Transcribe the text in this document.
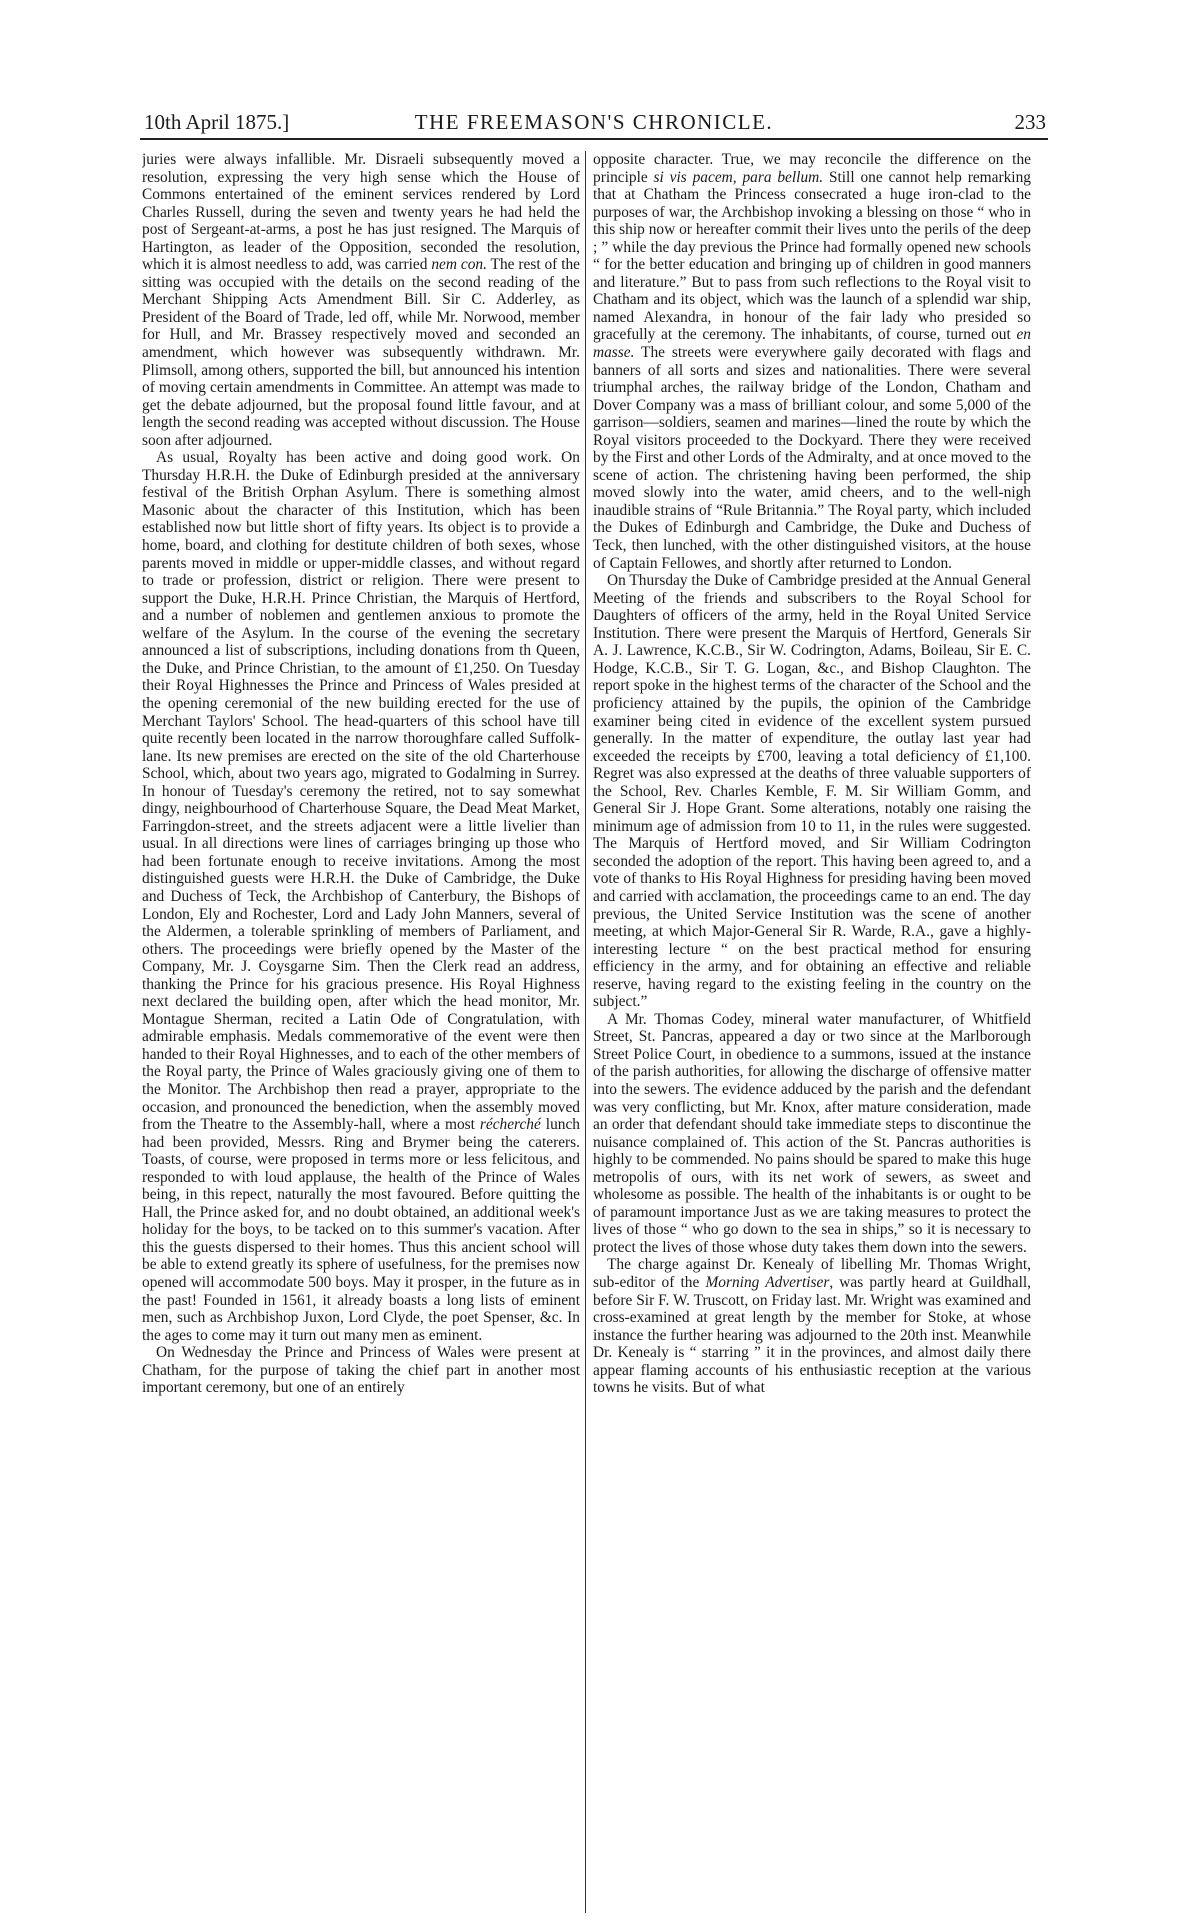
10th April 1875.]	THE FREEMASON'S CHRONICLE.	233

juries were always infallible. Mr. Disraeli subsequently moved a resolution, expressing the very high sense which the House of Commons entertained of the eminent services rendered by Lord Charles Russell, during the seven and twenty years he had held the post of Sergeant-at-arms, a post he has just resigned. The Marquis of Hartington, as leader of the Opposition, seconded the resolution, which it is almost needless to add, was carried nem con. The rest of the sitting was occupied with the details on the second reading of the Merchant Shipping Acts Amendment Bill. Sir C. Adderley, as President of the Board of Trade, led off, while Mr. Norwood, member for Hull, and Mr. Brassey respectively moved and seconded an amendment, which however was subsequently withdrawn. Mr. Plimsoll, among others, supported the bill, but announced his intention of moving certain amendments in Committee. An attempt was made to get the debate adjourned, but the proposal found little favour, and at length the second reading was accepted without discussion. The House soon after adjourned.

As usual, Royalty has been active and doing good work. On Thursday H.R.H. the Duke of Edinburgh presided at the anniversary festival of the British Orphan Asylum. There is something almost Masonic about the character of this Institution, which has been established now but little short of fifty years. Its object is to provide a home, board, and clothing for destitute children of both sexes, whose parents moved in middle or upper-middle classes, and without regard to trade or profession, district or religion. There were present to support the Duke, H.R.H. Prince Christian, the Marquis of Hertford, and a number of noblemen and gentlemen anxious to promote the welfare of the Asylum. In the course of the evening the secretary announced a list of subscriptions, including donations from th Queen, the Duke, and Prince Christian, to the amount of £1,250. On Tuesday their Royal Highnesses the Prince and Princess of Wales presided at the opening ceremonial of the new building erected for the use of Merchant Taylors' School. The head-quarters of this school have till quite recently been located in the narrow thoroughfare called Suffolk-lane. Its new premises are erected on the site of the old Charterhouse School, which, about two years ago, migrated to Godalming in Surrey. In honour of Tuesday's ceremony the retired, not to say somewhat dingy, neighbourhood of Charterhouse Square, the Dead Meat Market, Farringdon-street, and the streets adjacent were a little livelier than usual. In all directions were lines of carriages bringing up those who had been fortunate enough to receive invitations. Among the most distinguished guests were H.R.H. the Duke of Cambridge, the Duke and Duchess of Teck, the Archbishop of Canterbury, the Bishops of London, Ely and Rochester, Lord and Lady John Manners, several of the Aldermen, a tolerable sprinkling of members of Parliament, and others. The proceedings were briefly opened by the Master of the Company, Mr. J. Coysgarne Sim. Then the Clerk read an address, thanking the Prince for his gracious presence. His Royal Highness next declared the building open, after which the head monitor, Mr. Montague Sherman, recited a Latin Ode of Congratulation, with admirable emphasis. Medals commemorative of the event were then handed to their Royal Highnesses, and to each of the other members of the Royal party, the Prince of Wales graciously giving one of them to the Monitor. The Archbishop then read a prayer, appropriate to the occasion, and pronounced the benediction, when the assembly moved from the Theatre to the Assembly-hall, where a most récherché lunch had been provided, Messrs. Ring and Brymer being the caterers. Toasts, of course, were proposed in terms more or less felicitous, and responded to with loud applause, the health of the Prince of Wales being, in this repect, naturally the most favoured. Before quitting the Hall, the Prince asked for, and no doubt obtained, an additional week's holiday for the boys, to be tacked on to this summer's vacation. After this the guests dispersed to their homes. Thus this ancient school will be able to extend greatly its sphere of usefulness, for the premises now opened will accommodate 500 boys. May it prosper, in the future as in the past! Founded in 1561, it already boasts a long lists of eminent men, such as Archbishop Juxon, Lord Clyde, the poet Spenser, &c. In the ages to come may it turn out many men as eminent.

On Wednesday the Prince and Princess of Wales were present at Chatham, for the purpose of taking the chief part in another most important ceremony, but one of an entirely

opposite character. True, we may reconcile the difference on the principle si vis pacem, para bellum. Still one cannot help remarking that at Chatham the Princess consecrated a huge iron-clad to the purposes of war, the Archbishop invoking a blessing on those “ who in this ship now or hereafter commit their lives unto the perils of the deep ; ” while the day previous the Prince had formally opened new schools “ for the better education and bringing up of children in good manners and literature.” But to pass from such reflections to the Royal visit to Chatham and its object, which was the launch of a splendid war ship, named Alexandra, in honour of the fair lady who presided so gracefully at the ceremony. The inhabitants, of course, turned out en masse. The streets were everywhere gaily decorated with flags and banners of all sorts and sizes and nationalities. There were several triumphal arches, the railway bridge of the London, Chatham and Dover Company was a mass of brilliant colour, and some 5,000 of the garrison—soldiers, seamen and marines—lined the route by which the Royal visitors proceeded to the Dockyard. There they were received by the First and other Lords of the Admiralty, and at once moved to the scene of action. The christening having been performed, the ship moved slowly into the water, amid cheers, and to the well-nigh inaudible strains of “Rule Britannia.” The Royal party, which included the Dukes of Edinburgh and Cambridge, the Duke and Duchess of Teck, then lunched, with the other distinguished visitors, at the house of Captain Fellowes, and shortly after returned to London.

On Thursday the Duke of Cambridge presided at the Annual General Meeting of the friends and subscribers to the Royal School for Daughters of officers of the army, held in the Royal United Service Institution. There were present the Marquis of Hertford, Generals Sir A. J. Lawrence, K.C.B., Sir W. Codrington, Adams, Boileau, Sir E. C. Hodge, K.C.B., Sir T. G. Logan, &c., and Bishop Claughton. The report spoke in the highest terms of the character of the School and the proficiency attained by the pupils, the opinion of the Cambridge examiner being cited in evidence of the excellent system pursued generally. In the matter of expenditure, the outlay last year had exceeded the receipts by £700, leaving a total deficiency of £1,100. Regret was also expressed at the deaths of three valuable supporters of the School, Rev. Charles Kemble, F. M. Sir William Gomm, and General Sir J. Hope Grant. Some alterations, notably one raising the minimum age of admission from 10 to 11, in the rules were suggested. The Marquis of Hertford moved, and Sir William Codrington seconded the adoption of the report. This having been agreed to, and a vote of thanks to His Royal Highness for presiding having been moved and carried with acclamation, the proceedings came to an end. The day previous, the United Service Institution was the scene of another meeting, at which Major-General Sir R. Warde, R.A., gave a highly-interesting lecture “ on the best practical method for ensuring efficiency in the army, and for obtaining an effective and reliable reserve, having regard to the existing feeling in the country on the subject.”

A Mr. Thomas Codey, mineral water manufacturer, of Whitfield Street, St. Pancras, appeared a day or two since at the Marlborough Street Police Court, in obedience to a summons, issued at the instance of the parish authorities, for allowing the discharge of offensive matter into the sewers. The evidence adduced by the parish and the defendant was very conflicting, but Mr. Knox, after mature consideration, made an order that defendant should take immediate steps to discontinue the nuisance complained of. This action of the St. Pancras authorities is highly to be commended. No pains should be spared to make this huge metropolis of ours, with its net work of sewers, as sweet and wholesome as possible. The health of the inhabitants is or ought to be of paramount importance Just as we are taking measures to protect the lives of those “ who go down to the sea in ships,” so it is necessary to protect the lives of those whose duty takes them down into the sewers.

The charge against Dr. Kenealy of libelling Mr. Thomas Wright, sub-editor of the Morning Advertiser, was partly heard at Guildhall, before Sir F. W. Truscott, on Friday last. Mr. Wright was examined and cross-examined at great length by the member for Stoke, at whose instance the further hearing was adjourned to the 20th inst. Meanwhile Dr. Kenealy is “ starring ” it in the provinces, and almost daily there appear flaming accounts of his enthusiastic reception at the various towns he visits. But of what
